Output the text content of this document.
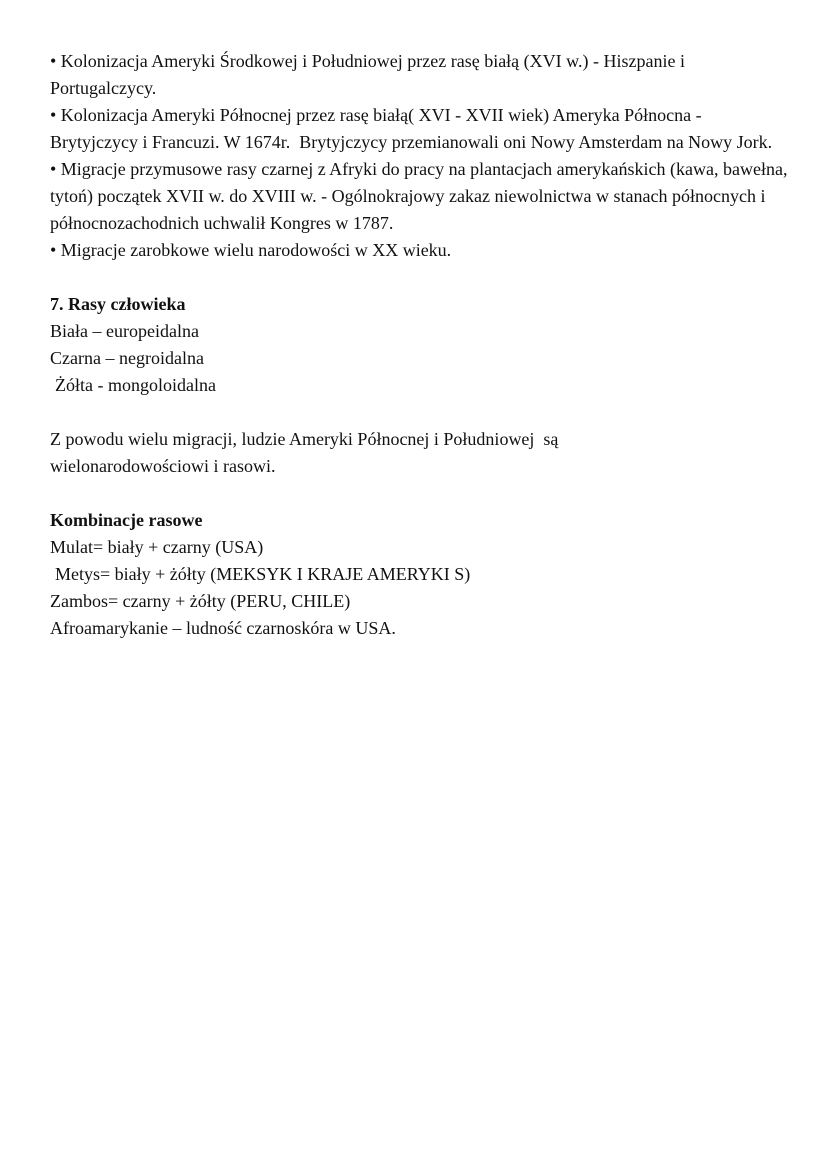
• Kolonizacja Ameryki Środkowej i Południowej przez rasę białą (XVI w.) - Hiszpanie i Portugalczycy.

• Kolonizacja Ameryki Północnej przez rasę białą( XVI - XVII wiek) Ameryka Północna - Brytyjczycy i Francuzi. W 1674r.  Brytyjczycy przemianowali oni Nowy Amsterdam na Nowy Jork.

• Migracje przymusowe rasy czarnej z Afryki do pracy na plantacjach amerykańskich (kawa, bawełna, tytoń) początek XVII w. do XVIII w. - Ogólnokrajowy zakaz niewolnictwa w stanach północnych i północnozachodnich uchwalił Kongres w 1787.

• Migracje zarobkowe wielu narodowości w XX wieku.

7. Rasy człowieka

Biała – europeidalna

Czarna – negroidalna

Żółta - mongoloidalna

Z powodu wielu migracji, ludzie Ameryki Północnej i Południowej  są wielonarodowościowi i rasowi.

Kombinacje rasowe

Mulat= biały + czarny (USA)

Metys= biały + żółty (MEKSYK I KRAJE AMERYKI S)

Zambos= czarny + żółty (PERU, CHILE)

Afroamarykanie – ludność czarnoskóra w USA.
